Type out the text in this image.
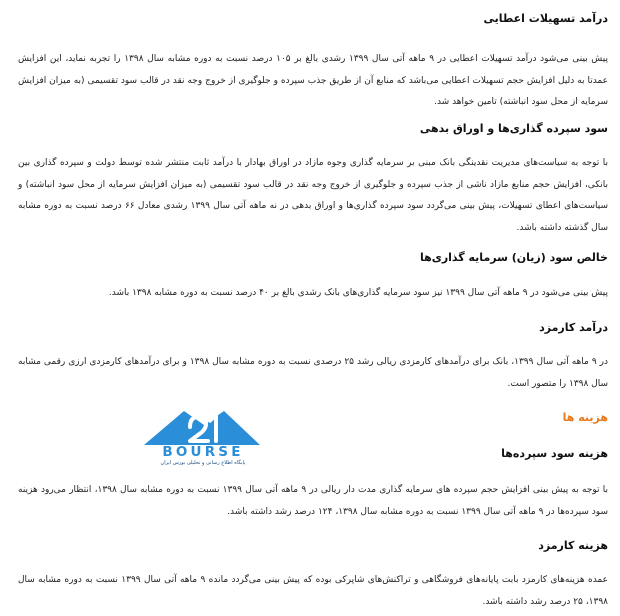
درآمد تسهیلات اعطایی

پیش بینی می‌شود درآمد تسهیلات اعطایی در ۹ ماهه آتی سال ۱۳۹۹ رشدی بالغ بر ۱۰۵ درصد نسبت به دوره مشابه سال ۱۳۹۸ را تجربه نماید، این افزایش عمدتا به دلیل افزایش حجم تسهیلات اعطایی می‌باشد که منابع آن از طریق جذب سپرده و جلوگیری از خروج وجه نقد در قالب سود تقسیمی (به میزان افزایش سرمایه از محل سود انباشته) تامین خواهد شد.

سود سپرده گذاری‌ها و اوراق بدهی

با توجه به سیاست‌های مدیریت نقدینگی بانک مبنی بر سرمایه گذاری وجوه مازاد در اوراق بهادار با درآمد ثابت منتشر شده توسط دولت و سپرده گذاری بین بانکی، افزایش حجم منابع مازاد ناشی از جذب سپرده و جلوگیری از خروج وجه نقد در قالب سود تقسیمی (به میزان افزایش سرمایه از محل سود انباشته) و سیاست‌های اعطای تسهیلات، پیش بینی می‌گردد سود سپرده گذاری‌ها و اوراق بدهی در نه ماهه آتی سال ۱۳۹۹ رشدی معادل ۶۶ درصد نسبت به دوره مشابه سال گذشته داشته باشد.

خالص سود (زیان) سرمایه گذاری‌ها

پیش بینی می‌شود در ۹ ماهه آتی سال ۱۳۹۹ نیز سود سرمایه گذاری‌های بانک رشدی بالغ بر ۴۰ درصد نسبت به دوره مشابه ۱۳۹۸ باشد.

درآمد کارمزد

در ۹ ماهه آتی سال ۱۳۹۹، بانک برای درآمدهای کارمزدی ریالی رشد ۲۵ درصدی نسبت به دوره مشابه سال ۱۳۹۸ و برای درآمدهای کارمزدی ارزی رقمی مشابه سال ۱۳۹۸ را متصور است.

هزینه ها
هزینه سود سپرده‌ها

با توجه به پیش بینی افزایش حجم سپرده های سرمایه گذاری مدت دار ریالی در ۹ ماهه آتی سال ۱۳۹۹ نسبت به دوره مشابه سال ۱۳۹۸، انتظار می‌رود هزینه سود سپرده‌ها در ۹ ماهه آتی سال ۱۳۹۹ نسبت به دوره مشابه سال ۱۳۹۸، ۱۲۴ درصد رشد داشته باشد.

هزینه کارمزد

عمده هزینه‌های کارمزد بابت پایانه‌های فروشگاهی و تراکنش‌های شاپرکی بوده که پیش بینی می‌گردد مانده ۹ ماهه آتی سال ۱۳۹۹ نسبت به دوره مشابه سال ۱۳۹۸، ۲۵ درصد رشد داشته باشد.

BOURSE
پایگاه اطلاع رسانی و تحلیلی بورس ایران
